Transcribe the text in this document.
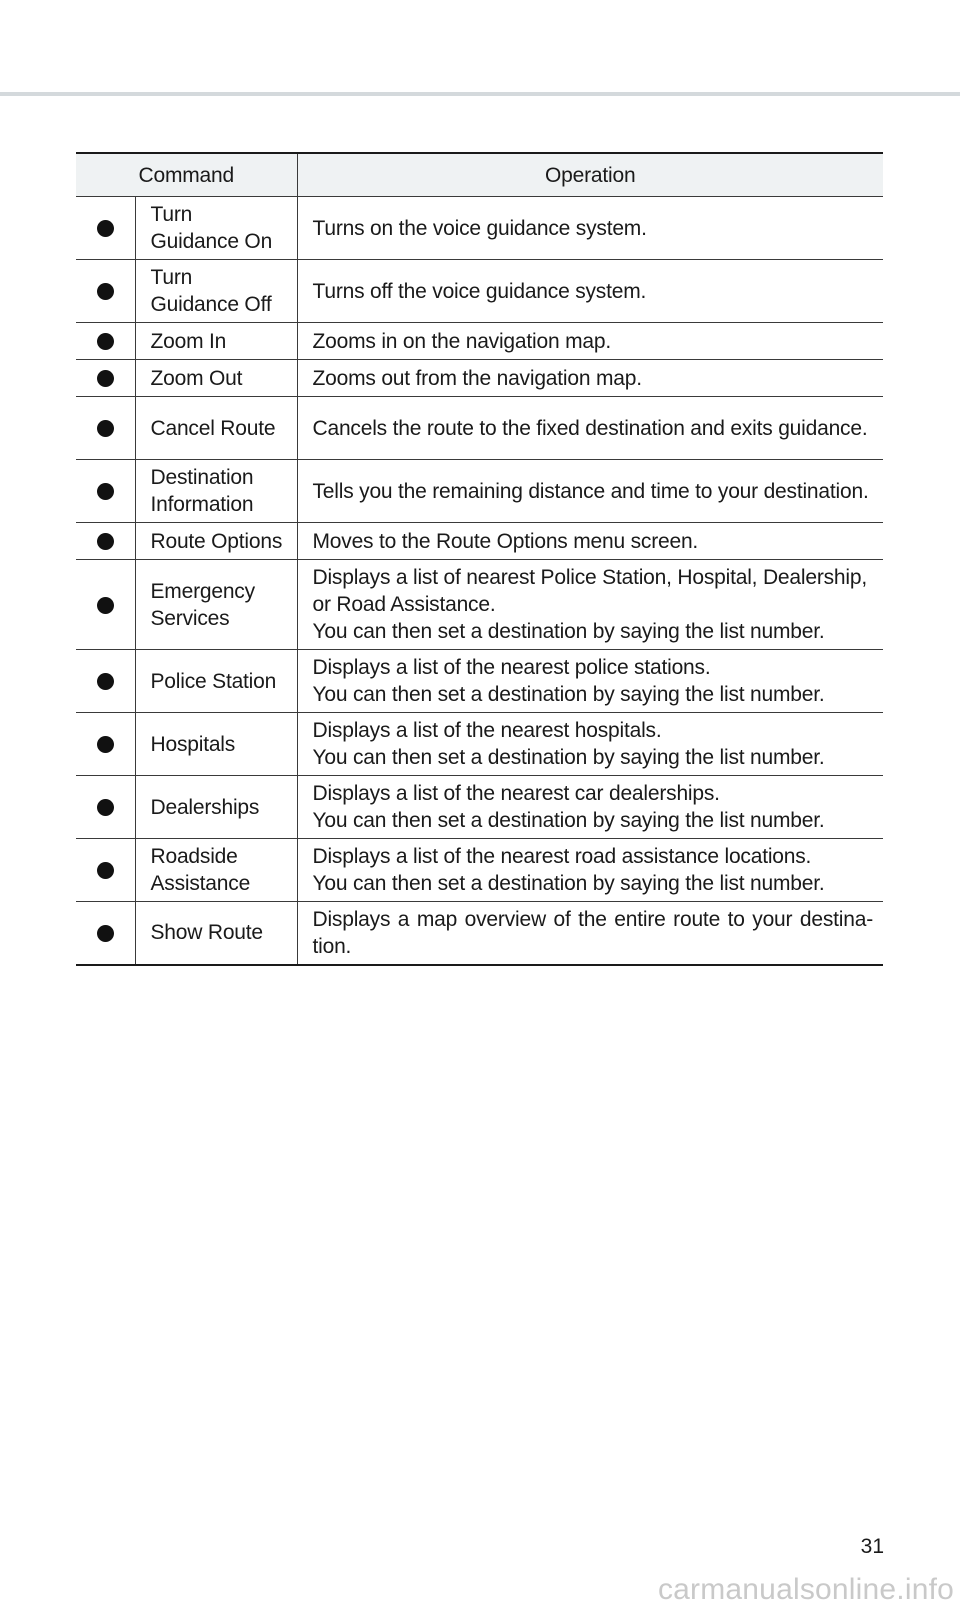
Command		Operation

	Turn
Guidance On	Turns on the voice guidance system.

	Turn
Guidance Off	Turns off the voice guidance system.

	Zoom In	Zooms in on the navigation map.

	Zoom Out	Zooms out from the navigation map.

	Cancel Route	Cancels the route to the fixed destination and exits guidance.

	Destination
Information	Tells you the remaining distance and time to your destination.

	Route Options	Moves to the Route Options menu screen.

	Emergency
Services	Displays a list of nearest Police Station, Hospital, Dealership,
or Road Assistance.
You can then set a destination by saying the list number.

	Police Station	Displays a list of the nearest police stations.
You can then set a destination by saying the list number.

	Hospitals	Displays a list of the nearest hospitals.
You can then set a destination by saying the list number.

	Dealerships	Displays a list of the nearest car dealerships.
You can then set a destination by saying the list number.

	Roadside
Assistance	Displays a list of the nearest road assistance locations.
You can then set a destination by saying the list number.

	Show Route	Displays a map overview of the entire route to your destina-
tion.
31
carmanualsonline.info
